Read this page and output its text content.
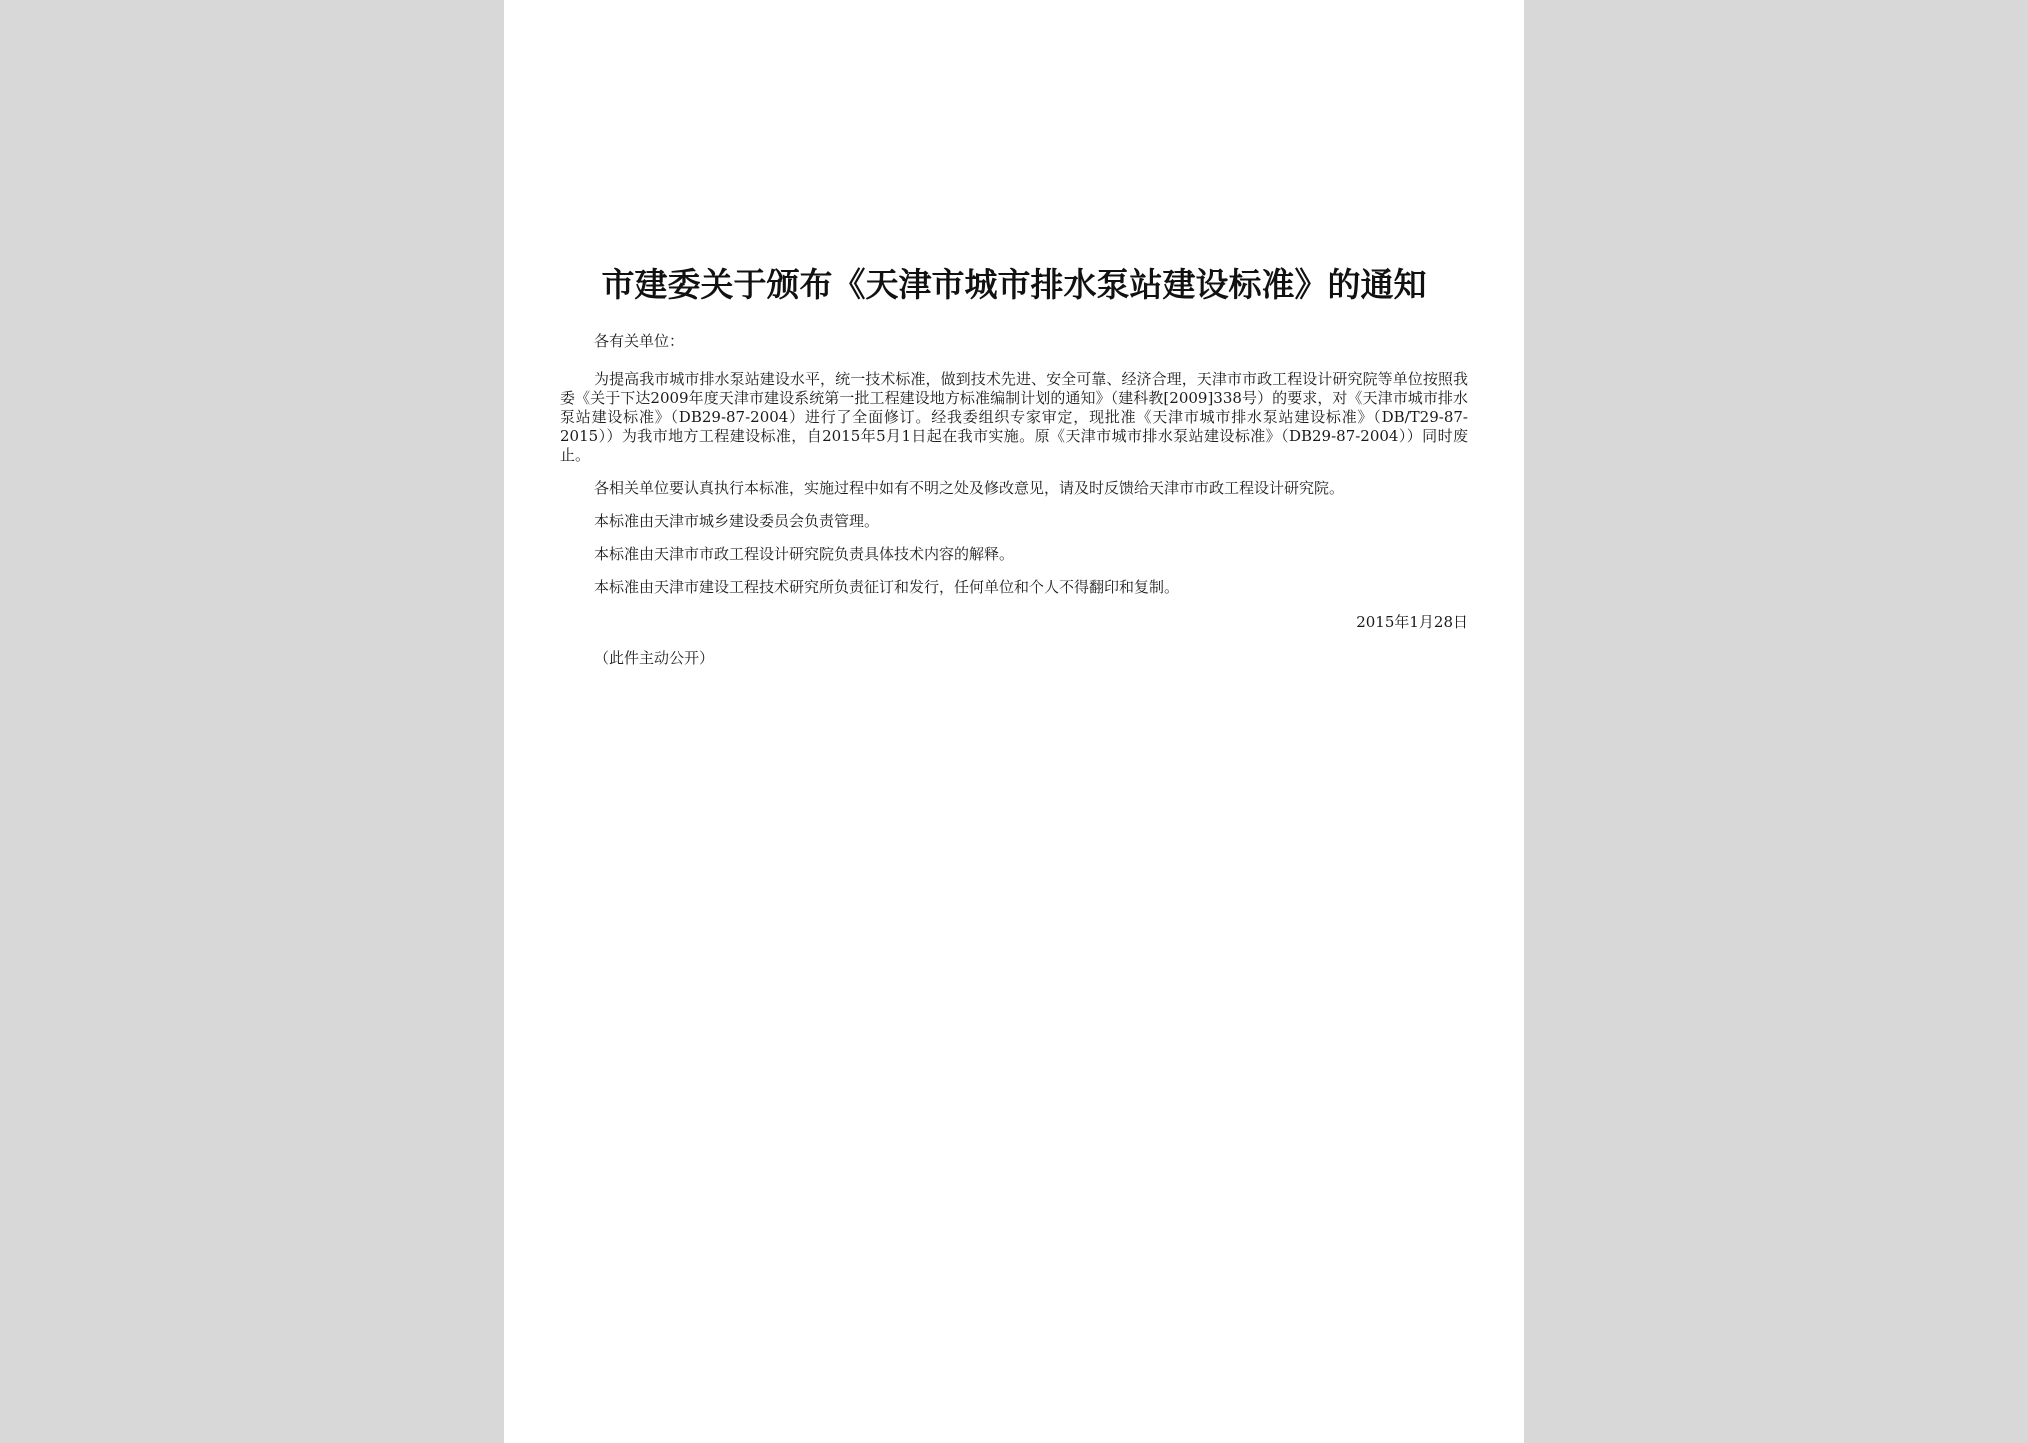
市建委关于颁布《天津市城市排水泵站建设标准》的通知

各有关单位：

为提高我市城市排水泵站建设水平，统一技术标准，做到技术先进、安全可靠、经济合理，天津市市政工程设计研究院等单位按照我委《关于下达2009年度天津市建设系统第一批工程建设地方标准编制计划的通知》（建科教[2009]338号）的要求，对《天津市城市排水泵站建设标准》（DB29-87-2004）进行了全面修订。经我委组织专家审定，现批准《天津市城市排水泵站建设标准》（DB/T29-87-2015））为我市地方工程建设标准，自2015年5月1日起在我市实施。原《天津市城市排水泵站建设标准》（DB29-87-2004））同时废止。

各相关单位要认真执行本标准，实施过程中如有不明之处及修改意见，请及时反馈给天津市市政工程设计研究院。

本标准由天津市城乡建设委员会负责管理。

本标准由天津市市政工程设计研究院负责具体技术内容的解释。

本标准由天津市建设工程技术研究所负责征订和发行，任何单位和个人不得翻印和复制。

2015年1月28日

（此件主动公开）
